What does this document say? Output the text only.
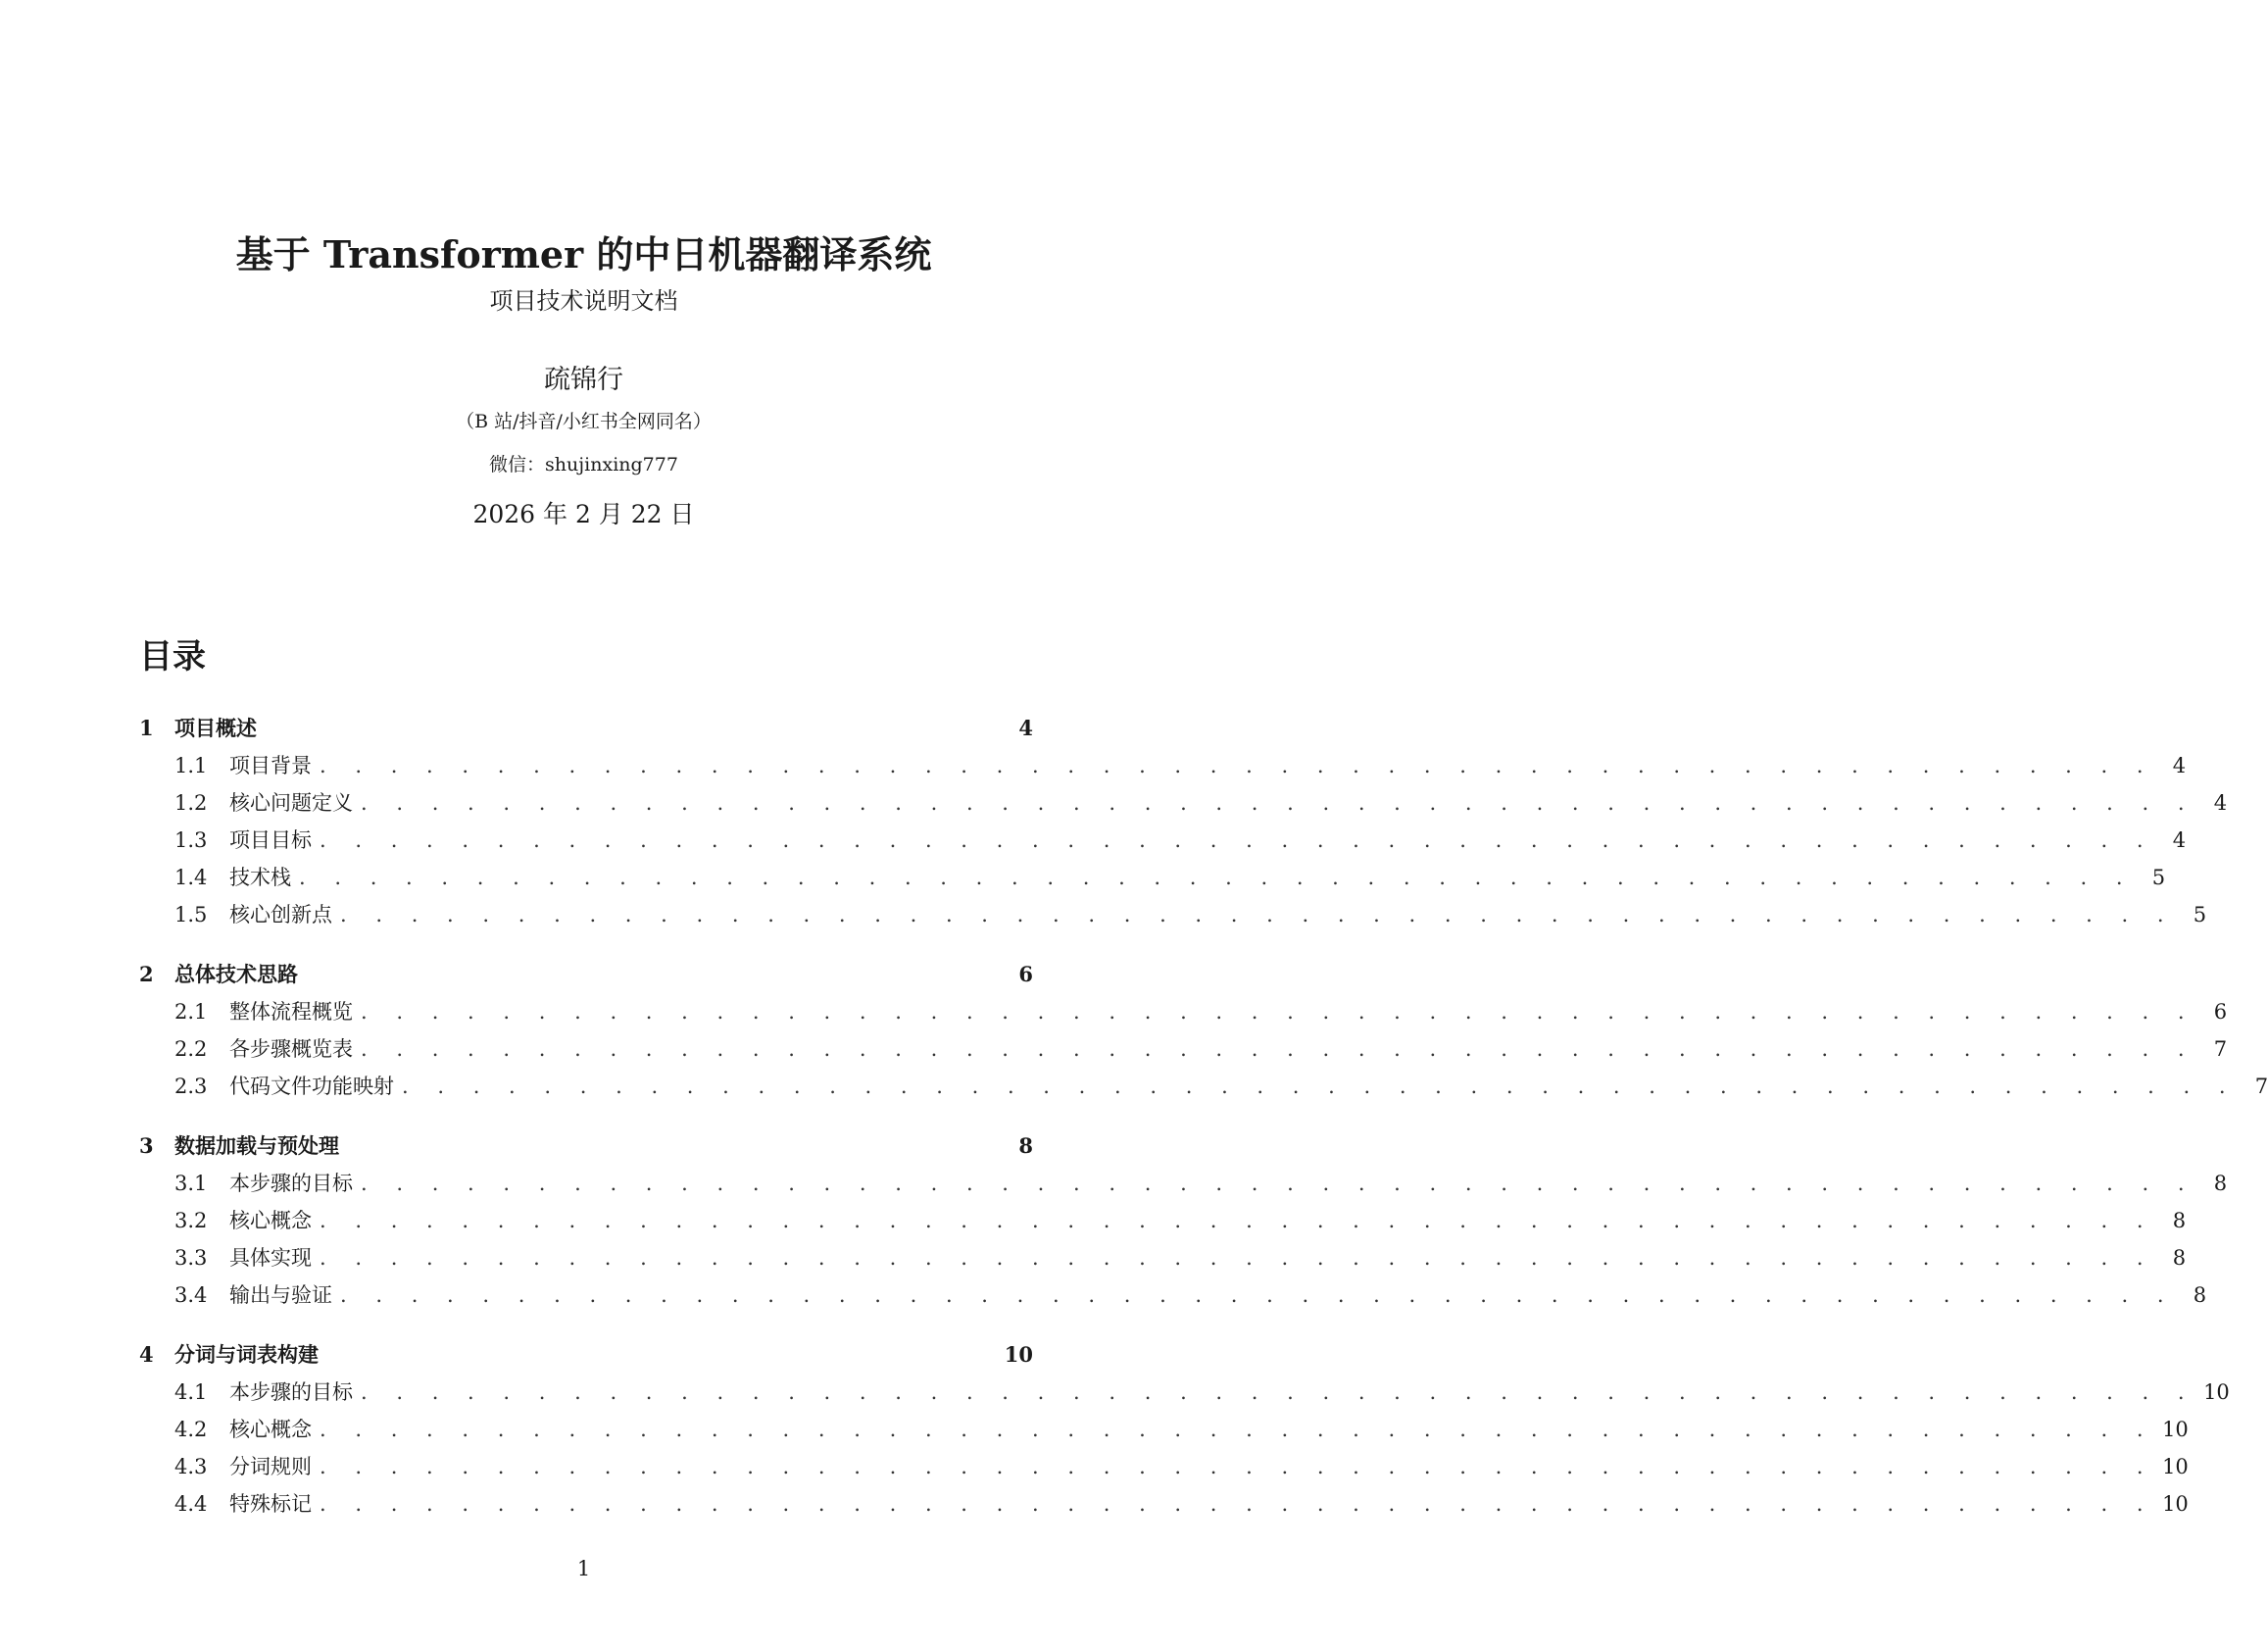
基于 Transformer 的中日机器翻译系统
项目技术说明文档
疏锦行
（B 站/抖音/小红书全网同名）
微信：shujinxing777
2026 年 2 月 22 日
目录
1	项目概述	4
1.1	项目背景 . . . . . . . . . . . . . . . . . . . . . . . . . . . . . . . . . . . . . . . . . . . . . . . . . . . . 4
1.2	核心问题定义 . . . . . . . . . . . . . . . . . . . . . . . . . . . . . . . . . . . . . . . . . . . . . . . . . . . . 4
1.3	项目目标 . . . . . . . . . . . . . . . . . . . . . . . . . . . . . . . . . . . . . . . . . . . . . . . . . . . . 4
1.4	技术栈 . . . . . . . . . . . . . . . . . . . . . . . . . . . . . . . . . . . . . . . . . . . . . . . . . . . . 5
1.5	核心创新点 . . . . . . . . . . . . . . . . . . . . . . . . . . . . . . . . . . . . . . . . . . . . . . . . . . . . 5
2	总体技术思路	6
2.1	整体流程概览 . . . . . . . . . . . . . . . . . . . . . . . . . . . . . . . . . . . . . . . . . . . . . . . . . . . . 6
2.2	各步骤概览表 . . . . . . . . . . . . . . . . . . . . . . . . . . . . . . . . . . . . . . . . . . . . . . . . . . . . 7
2.3	代码文件功能映射 . . . . . . . . . . . . . . . . . . . . . . . . . . . . . . . . . . . . . . . . . . . . . . . . . . . . 7
3	数据加载与预处理	8
3.1	本步骤的目标 . . . . . . . . . . . . . . . . . . . . . . . . . . . . . . . . . . . . . . . . . . . . . . . . . . . . 8
3.2	核心概念 . . . . . . . . . . . . . . . . . . . . . . . . . . . . . . . . . . . . . . . . . . . . . . . . . . . . 8
3.3	具体实现 . . . . . . . . . . . . . . . . . . . . . . . . . . . . . . . . . . . . . . . . . . . . . . . . . . . . 8
3.4	输出与验证 . . . . . . . . . . . . . . . . . . . . . . . . . . . . . . . . . . . . . . . . . . . . . . . . . . . . 8
4	分词与词表构建	10
4.1	本步骤的目标 . . . . . . . . . . . . . . . . . . . . . . . . . . . . . . . . . . . . . . . . . . . . . . . . . . . . 10
4.2	核心概念 . . . . . . . . . . . . . . . . . . . . . . . . . . . . . . . . . . . . . . . . . . . . . . . . . . . . 10
4.3	分词规则 . . . . . . . . . . . . . . . . . . . . . . . . . . . . . . . . . . . . . . . . . . . . . . . . . . . . 10
4.4	特殊标记 . . . . . . . . . . . . . . . . . . . . . . . . . . . . . . . . . . . . . . . . . . . . . . . . . . . . 10
1
